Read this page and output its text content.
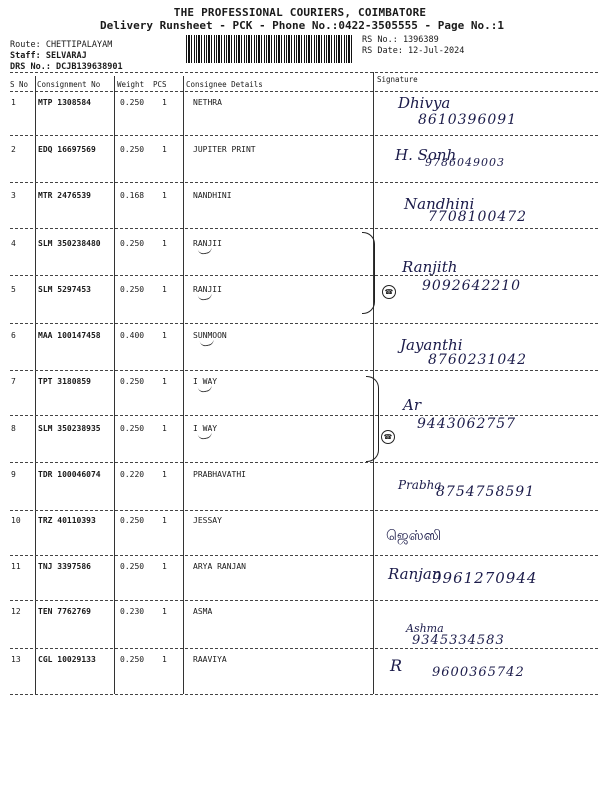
THE PROFESSIONAL COURIERS, COIMBATORE
Delivery Runsheet - PCK - Phone No.:0422-3505555 - Page No.:1
Route: CHETTIPALAYAM
Staff: SELVARAJ
DRS No.: DCJB139638901
RS No.: 1396389
RS Date: 12-Jul-2024
S No Consignment No Weight PCS	Consignee Details
Signature
1	MTP 1308584	0.250 1	NETHRA	Dhivya
8610396091
2	EDQ 16697569	0.250 1	JUPITER PRINT	H. Sonh
9786049003
3	MTR 2476539	0.168 1	NANDHINI	Nandhini
7708100472
4	SLM 350238480 0.250 1	RANJII
5	SLM 5297453	0.250 1	RANJII
Ranjith
9092642210
☎
6	MAA 100147458 0.400 1	SUNMOON
Jayanthi
8760231042
7	TPT 3180859	0.250 1	I WAY
8	SLM 350238935 0.250 1	I WAY
Ar
9443062757
☎
9	TDR 100046074 0.220 1	PRABHAVATHI
Prabha
8754758591
10 TRZ 40110393	0.250 1	JESSAY
ஜெஸ்ஸி
11 TNJ 3397586	0.250 1	ARYA RANJAN	Ranjan
9961270944
12 TEN 7762769	0.230 1	ASMA
Ashma
9345334583
13 CGL 10029133	0.250 1	RAAVIYA	R	9600365742
